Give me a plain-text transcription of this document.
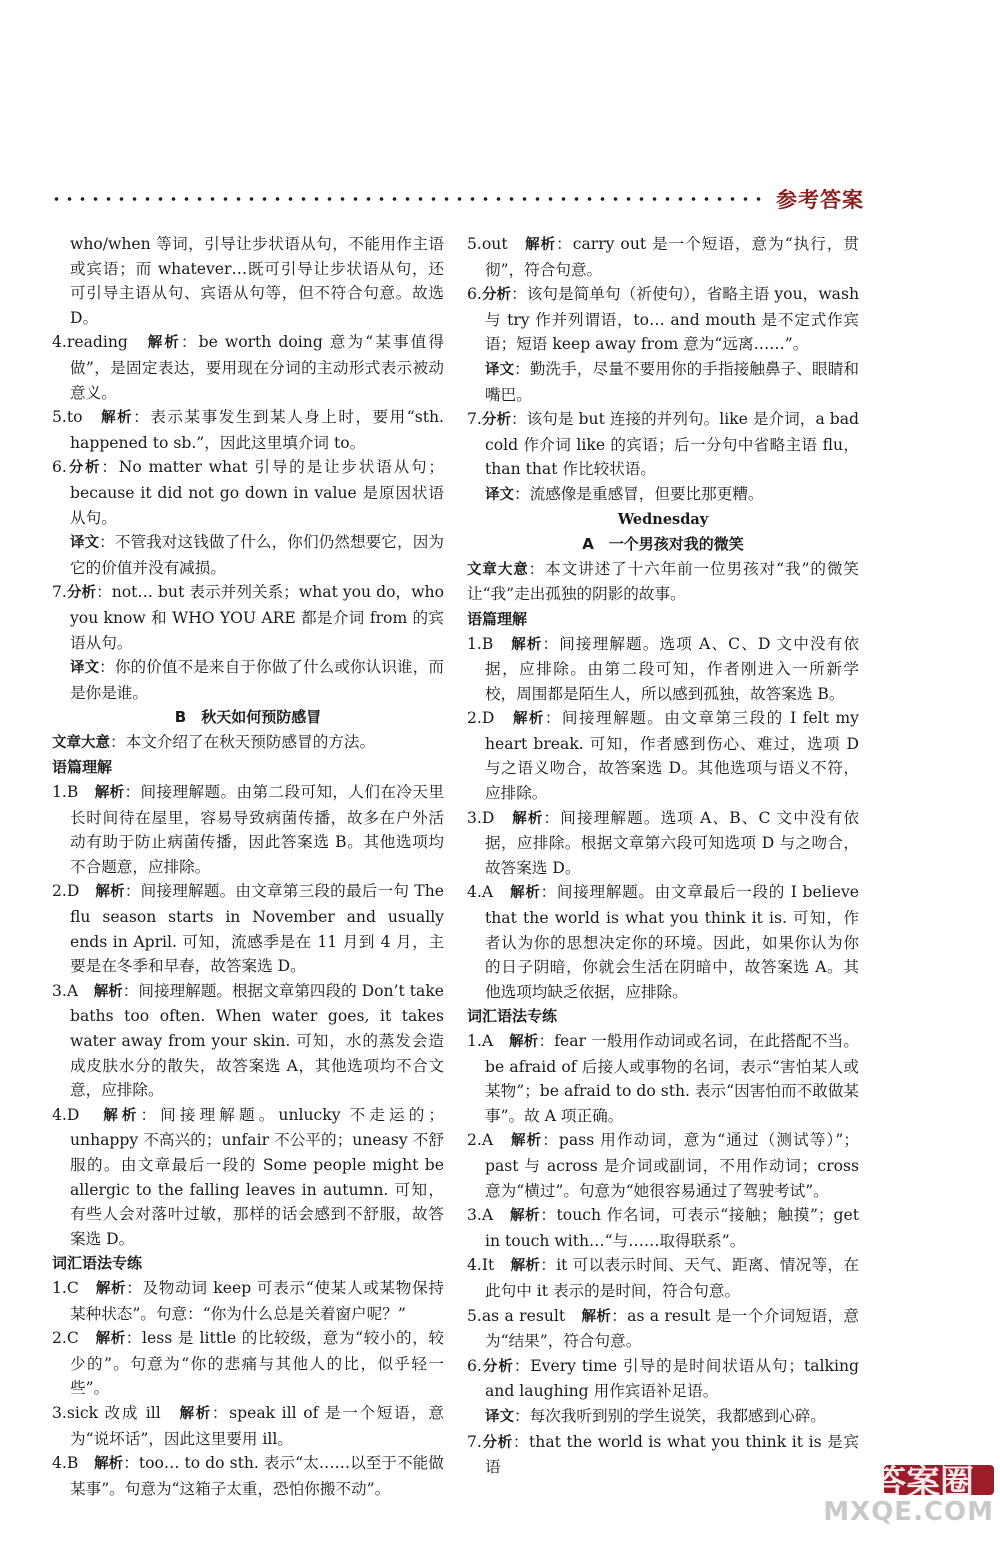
参考答案

who/when 等词，引导让步状语从句，不能用作主语或宾语；而 whatever…既可引导让步状语从句，还可引导主语从句、宾语从句等，但不符合句意。故选 D。

4.reading　 解析：be worth doing 意为“某事值得做”，是固定表达，要用现在分词的主动形式表示被动意义。

5.to　 解析：表示某事发生到某人身上时，要用“sth. happened to sb.”，因此这里填介词 to。

6.分析：No matter what 引导的是让步状语从句；because it did not go down in value 是原因状语从句。

译文：不管我对这钱做了什么，你们仍然想要它，因为它的价值并没有减损。

7.分析：not… but 表示并列关系；what you do，who you know 和 WHO YOU ARE 都是介词 from 的宾语从句。

译文：你的价值不是来自于你做了什么或你认识谁，而是你是谁。

B　秋天如何预防感冒

文章大意：本文介绍了在秋天预防感冒的方法。

语篇理解

1.B　 解析：间接理解题。由第二段可知，人们在冷天里长时间待在屋里，容易导致病菌传播，故多在户外活动有助于防止病菌传播，因此答案选 B。其他选项均不合题意，应排除。

2.D　 解析：间接理解题。由文章第三段的最后一句 The flu season starts in November and usually ends in April. 可知，流感季是在 11 月到 4 月，主要是在冬季和早春，故答案选 D。

3.A　 解析：间接理解题。根据文章第四段的 Don’t take baths too often. When water goes, it takes water away from your skin. 可知，水的蒸发会造成皮肤水分的散失，故答案选 A，其他选项均不合文意，应排除。

4.D　 解析：间接理解题。unlucky 不走运的；unhappy 不高兴的；unfair 不公平的；uneasy 不舒服的。由文章最后一段的 Some people might be allergic to the falling leaves in autumn. 可知，有些人会对落叶过敏，那样的话会感到不舒服，故答案选 D。

词汇语法专练

1.C　 解析：及物动词 keep 可表示“使某人或某物保持某种状态”。句意：“你为什么总是关着窗户呢？”

2.C　 解析：less 是 little 的比较级，意为“较小的，较少的”。句意为“你的悲痛与其他人的比，似乎轻一些”。

3.sick 改成 ill　 解析：speak ill of 是一个短语，意为“说坏话”，因此这里要用 ill。

4.B　 解析：too… to do sth. 表示“太……以至于不能做某事”。句意为“这箱子太重，恐怕你搬不动”。

5.out　 解析：carry out 是一个短语，意为“执行，贯彻”，符合句意。

6.分析：该句是简单句（祈使句），省略主语 you，wash 与 try 作并列谓语，to… and mouth 是不定式作宾语；短语 keep away from 意为“远离……”。

译文：勤洗手，尽量不要用你的手指接触鼻子、眼睛和嘴巴。

7.分析：该句是 but 连接的并列句。like 是介词，a bad cold 作介词 like 的宾语；后一分句中省略主语 flu，than that 作比较状语。

译文：流感像是重感冒，但要比那更糟。

Wednesday

A　一个男孩对我的微笑

文章大意：本文讲述了十六年前一位男孩对“我”的微笑让“我”走出孤独的阴影的故事。

语篇理解

1.B　 解析：间接理解题。选项 A、C、D 文中没有依据，应排除。由第二段可知，作者刚进入一所新学校，周围都是陌生人，所以感到孤独，故答案选 B。

2.D　 解析：间接理解题。由文章第三段的 I felt my heart break. 可知，作者感到伤心、难过，选项 D 与之语义吻合，故答案选 D。其他选项与语义不符，应排除。

3.D　 解析：间接理解题。选项 A、B、C 文中没有依据，应排除。根据文章第六段可知选项 D 与之吻合，故答案选 D。

4.A　 解析：间接理解题。由文章最后一段的 I believe that the world is what you think it is. 可知，作者认为你的思想决定你的环境。因此，如果你认为你的日子阴暗，你就会生活在阴暗中，故答案选 A。其他选项均缺乏依据，应排除。

词汇语法专练

1.A　 解析：fear 一般用作动词或名词，在此搭配不当。be afraid of 后接人或事物的名词，表示“害怕某人或某物”；be afraid to do sth. 表示“因害怕而不敢做某事”。故 A 项正确。

2.A　 解析：pass 用作动词，意为“通过（测试等）”；past 与 across 是介词或副词，不用作动词；cross 意为“横过”。句意为“她很容易通过了驾驶考试”。

3.A　 解析：touch 作名词，可表示“接触；触摸”；get in touch with…“与……取得联系”。

4.It　 解析：it 可以表示时间、天气、距离、情况等，在此句中 it 表示的是时间，符合句意。

5.as a result　 解析：as a result 是一个介词短语，意为“结果”，符合句意。

6.分析：Every time 引导的是时间状语从句；talking and laughing 用作宾语补足语。

译文：每次我听到别的学生说笑，我都感到心碎。

7.分析：that the world is what you think it is 是宾语	答案圈
MXQE.COM
